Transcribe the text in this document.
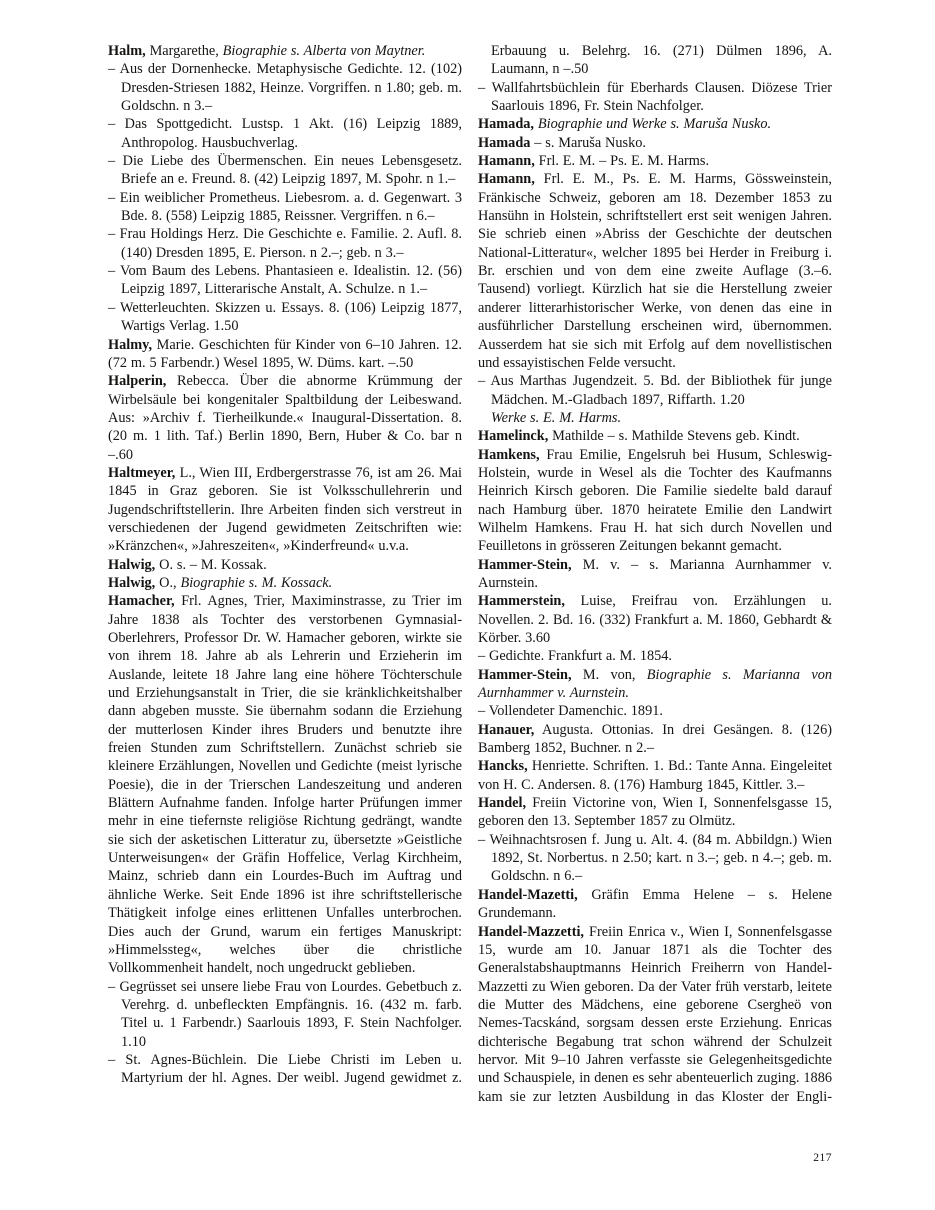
Halm, Margarethe, Biographie s. Alberta von Maytner.

– Aus der Dornenhecke. Metaphysische Gedichte. 12. (102) Dresden-Striesen 1882, Heinze. Vorgriffen. n 1.80; geb. m. Goldschn. n 3.–

– Das Spottgedicht. Lustsp. 1 Akt. (16) Leipzig 1889, Anthropolog. Hausbuchverlag.

– Die Liebe des Übermenschen. Ein neues Lebensgesetz. Briefe an e. Freund. 8. (42) Leipzig 1897, M. Spohr. n 1.–

– Ein weiblicher Prometheus. Liebesrom. a. d. Gegenwart. 3 Bde. 8. (558) Leipzig 1885, Reissner. Vergriffen. n 6.–

– Frau Holdings Herz. Die Geschichte e. Familie. 2. Aufl. 8. (140) Dresden 1895, E. Pierson. n 2.–; geb. n 3.–

– Vom Baum des Lebens. Phantasieen e. Idealistin. 12. (56) Leipzig 1897, Litterarische Anstalt, A. Schulze. n 1.–

– Wetterleuchten. Skizzen u. Essays. 8. (106) Leipzig 1877, Wartigs Verlag. 1.50

Halmy, Marie. Geschichten für Kinder von 6–10 Jahren. 12. (72 m. 5 Farbendr.) Wesel 1895, W. Düms. kart. –.50

Halperin, Rebecca. Über die abnorme Krümmung der Wirbelsäule bei kongenitaler Spaltbildung der Leibeswand. Aus: »Archiv f. Tierheilkunde.« Inaugural-Dissertation. 8. (20 m. 1 lith. Taf.) Berlin 1890, Bern, Huber & Co. bar n –.60

Haltmeyer, L., Wien III, Erdbergerstrasse 76, ist am 26. Mai 1845 in Graz geboren. Sie ist Volksschullehrerin und Jugendschriftstellerin. Ihre Arbeiten finden sich verstreut in verschiedenen der Jugend gewidmeten Zeitschriften wie: »Kränzchen«, »Jahreszeiten«, »Kinderfreund« u.v.a.

Halwig, O. s. – M. Kossak.

Halwig, O., Biographie s. M. Kossack.

Hamacher, Frl. Agnes, Trier, Maximinstrasse, zu Trier im Jahre 1838 als Tochter des verstorbenen Gymnasial-Oberlehrers, Professor Dr. W. Hamacher geboren, wirkte sie von ihrem 18. Jahre ab als Lehrerin und Erzieherin im Auslande, leitete 18 Jahre lang eine höhere Töchterschule und Erziehungsanstalt in Trier, die sie kränklichkeitshalber dann abgeben musste. Sie übernahm sodann die Erziehung der mutterlosen Kinder ihres Bruders und benutzte ihre freien Stunden zum Schriftstellern. Zunächst schrieb sie kleinere Erzählungen, Novellen und Gedichte (meist lyrische Poesie), die in der Trierschen Landeszeitung und anderen Blättern Aufnahme fanden. Infolge harter Prüfungen immer mehr in eine tiefernste religiöse Richtung gedrängt, wandte sie sich der asketischen Litteratur zu, übersetzte »Geistliche Unterweisungen« der Gräfin Hoffelice, Verlag Kirchheim, Mainz, schrieb dann ein Lourdes-Buch im Auftrag und ähnliche Werke. Seit Ende 1896 ist ihre schriftstellerische Thätigkeit infolge eines erlittenen Unfalles unterbrochen. Dies auch der Grund, warum ein fertiges Manuskript: »Himmelssteg«, welches über die christliche Vollkommenheit handelt, noch ungedruckt geblieben.

– Gegrüsset sei unsere liebe Frau von Lourdes. Gebetbuch z. Verehrg. d. unbefleckten Empfängnis. 16. (432 m. farb. Titel u. 1 Farbendr.) Saarlouis 1893, F. Stein Nachfolger. 1.10

– St. Agnes-Büchlein. Die Liebe Christi im Leben u. Martyrium der hl. Agnes. Der weibl. Jugend gewidmet z.

Erbauung u. Belehrg. 16. (271) Dülmen 1896, A. Laumann, n –.50

– Wallfahrtsbüchlein für Eberhards Clausen. Diözese Trier Saarlouis 1896, Fr. Stein Nachfolger.

Hamada, Biographie und Werke s. Maruša Nusko.

Hamada – s. Maruša Nusko.

Hamann, Frl. E. M. – Ps. E. M. Harms.

Hamann, Frl. E. M., Ps. E. M. Harms, Gössweinstein, Fränkische Schweiz, geboren am 18. Dezember 1853 zu Hansühn in Holstein, schriftstellert erst seit wenigen Jahren. Sie schrieb einen »Abriss der Geschichte der deutschen National-Litteratur«, welcher 1895 bei Herder in Freiburg i. Br. erschien und von dem eine zweite Auflage (3.–6. Tausend) vorliegt. Kürzlich hat sie die Herstellung zweier anderer litterarhistorischer Werke, von denen das eine in ausführlicher Darstellung erscheinen wird, übernommen. Ausserdem hat sie sich mit Erfolg auf dem novellistischen und essayistischen Felde versucht.

– Aus Marthas Jugendzeit. 5. Bd. der Bibliothek für junge Mädchen. M.-Gladbach 1897, Riffarth. 1.20

Werke s. E. M. Harms.

Hamelinck, Mathilde – s. Mathilde Stevens geb. Kindt.

Hamkens, Frau Emilie, Engelsruh bei Husum, Schleswig-Holstein, wurde in Wesel als die Tochter des Kaufmanns Heinrich Kirsch geboren. Die Familie siedelte bald darauf nach Hamburg über. 1870 heiratete Emilie den Landwirt Wilhelm Hamkens. Frau H. hat sich durch Novellen und Feuilletons in grösseren Zeitungen bekannt gemacht.

Hammer-Stein, M. v. – s. Marianna Aurnhammer v. Aurnstein.

Hammerstein, Luise, Freifrau von. Erzählungen u. Novellen. 2. Bd. 16. (332) Frankfurt a. M. 1860, Gebhardt & Körber. 3.60

– Gedichte. Frankfurt a. M. 1854.

Hammer-Stein, M. von, Biographie s. Marianna von Aurnhammer v. Aurnstein.

– Vollendeter Damenchic. 1891.

Hanauer, Augusta. Ottonias. In drei Gesängen. 8. (126) Bamberg 1852, Buchner. n 2.–

Hancks, Henriette. Schriften. 1. Bd.: Tante Anna. Eingeleitet von H. C. Andersen. 8. (176) Hamburg 1845, Kittler. 3.–

Handel, Freiin Victorine von, Wien I, Sonnenfelsgasse 15, geboren den 13. September 1857 zu Olmütz.

– Weihnachtsrosen f. Jung u. Alt. 4. (84 m. Abbildgn.) Wien 1892, St. Norbertus. n 2.50; kart. n 3.–; geb. n 4.–; geb. m. Goldschn. n 6.–

Handel-Mazetti, Gräfin Emma Helene – s. Helene Grundemann.

Handel-Mazzetti, Freiin Enrica v., Wien I, Sonnenfelsgasse 15, wurde am 10. Januar 1871 als die Tochter des Generalstabshauptmanns Heinrich Freiherrn von Handel-Mazzetti zu Wien geboren. Da der Vater früh verstarb, leitete die Mutter des Mädchens, eine geborene Csergheö von Nemes-Tacskánd, sorgsam dessen erste Erziehung. Enricas dichterische Begabung trat schon während der Schulzeit hervor. Mit 9–10 Jahren verfasste sie Gelegenheitsgedichte und Schauspiele, in denen es sehr abenteuerlich zuging. 1886 kam sie zur letzten Ausbildung in das Kloster der Engli-

217
